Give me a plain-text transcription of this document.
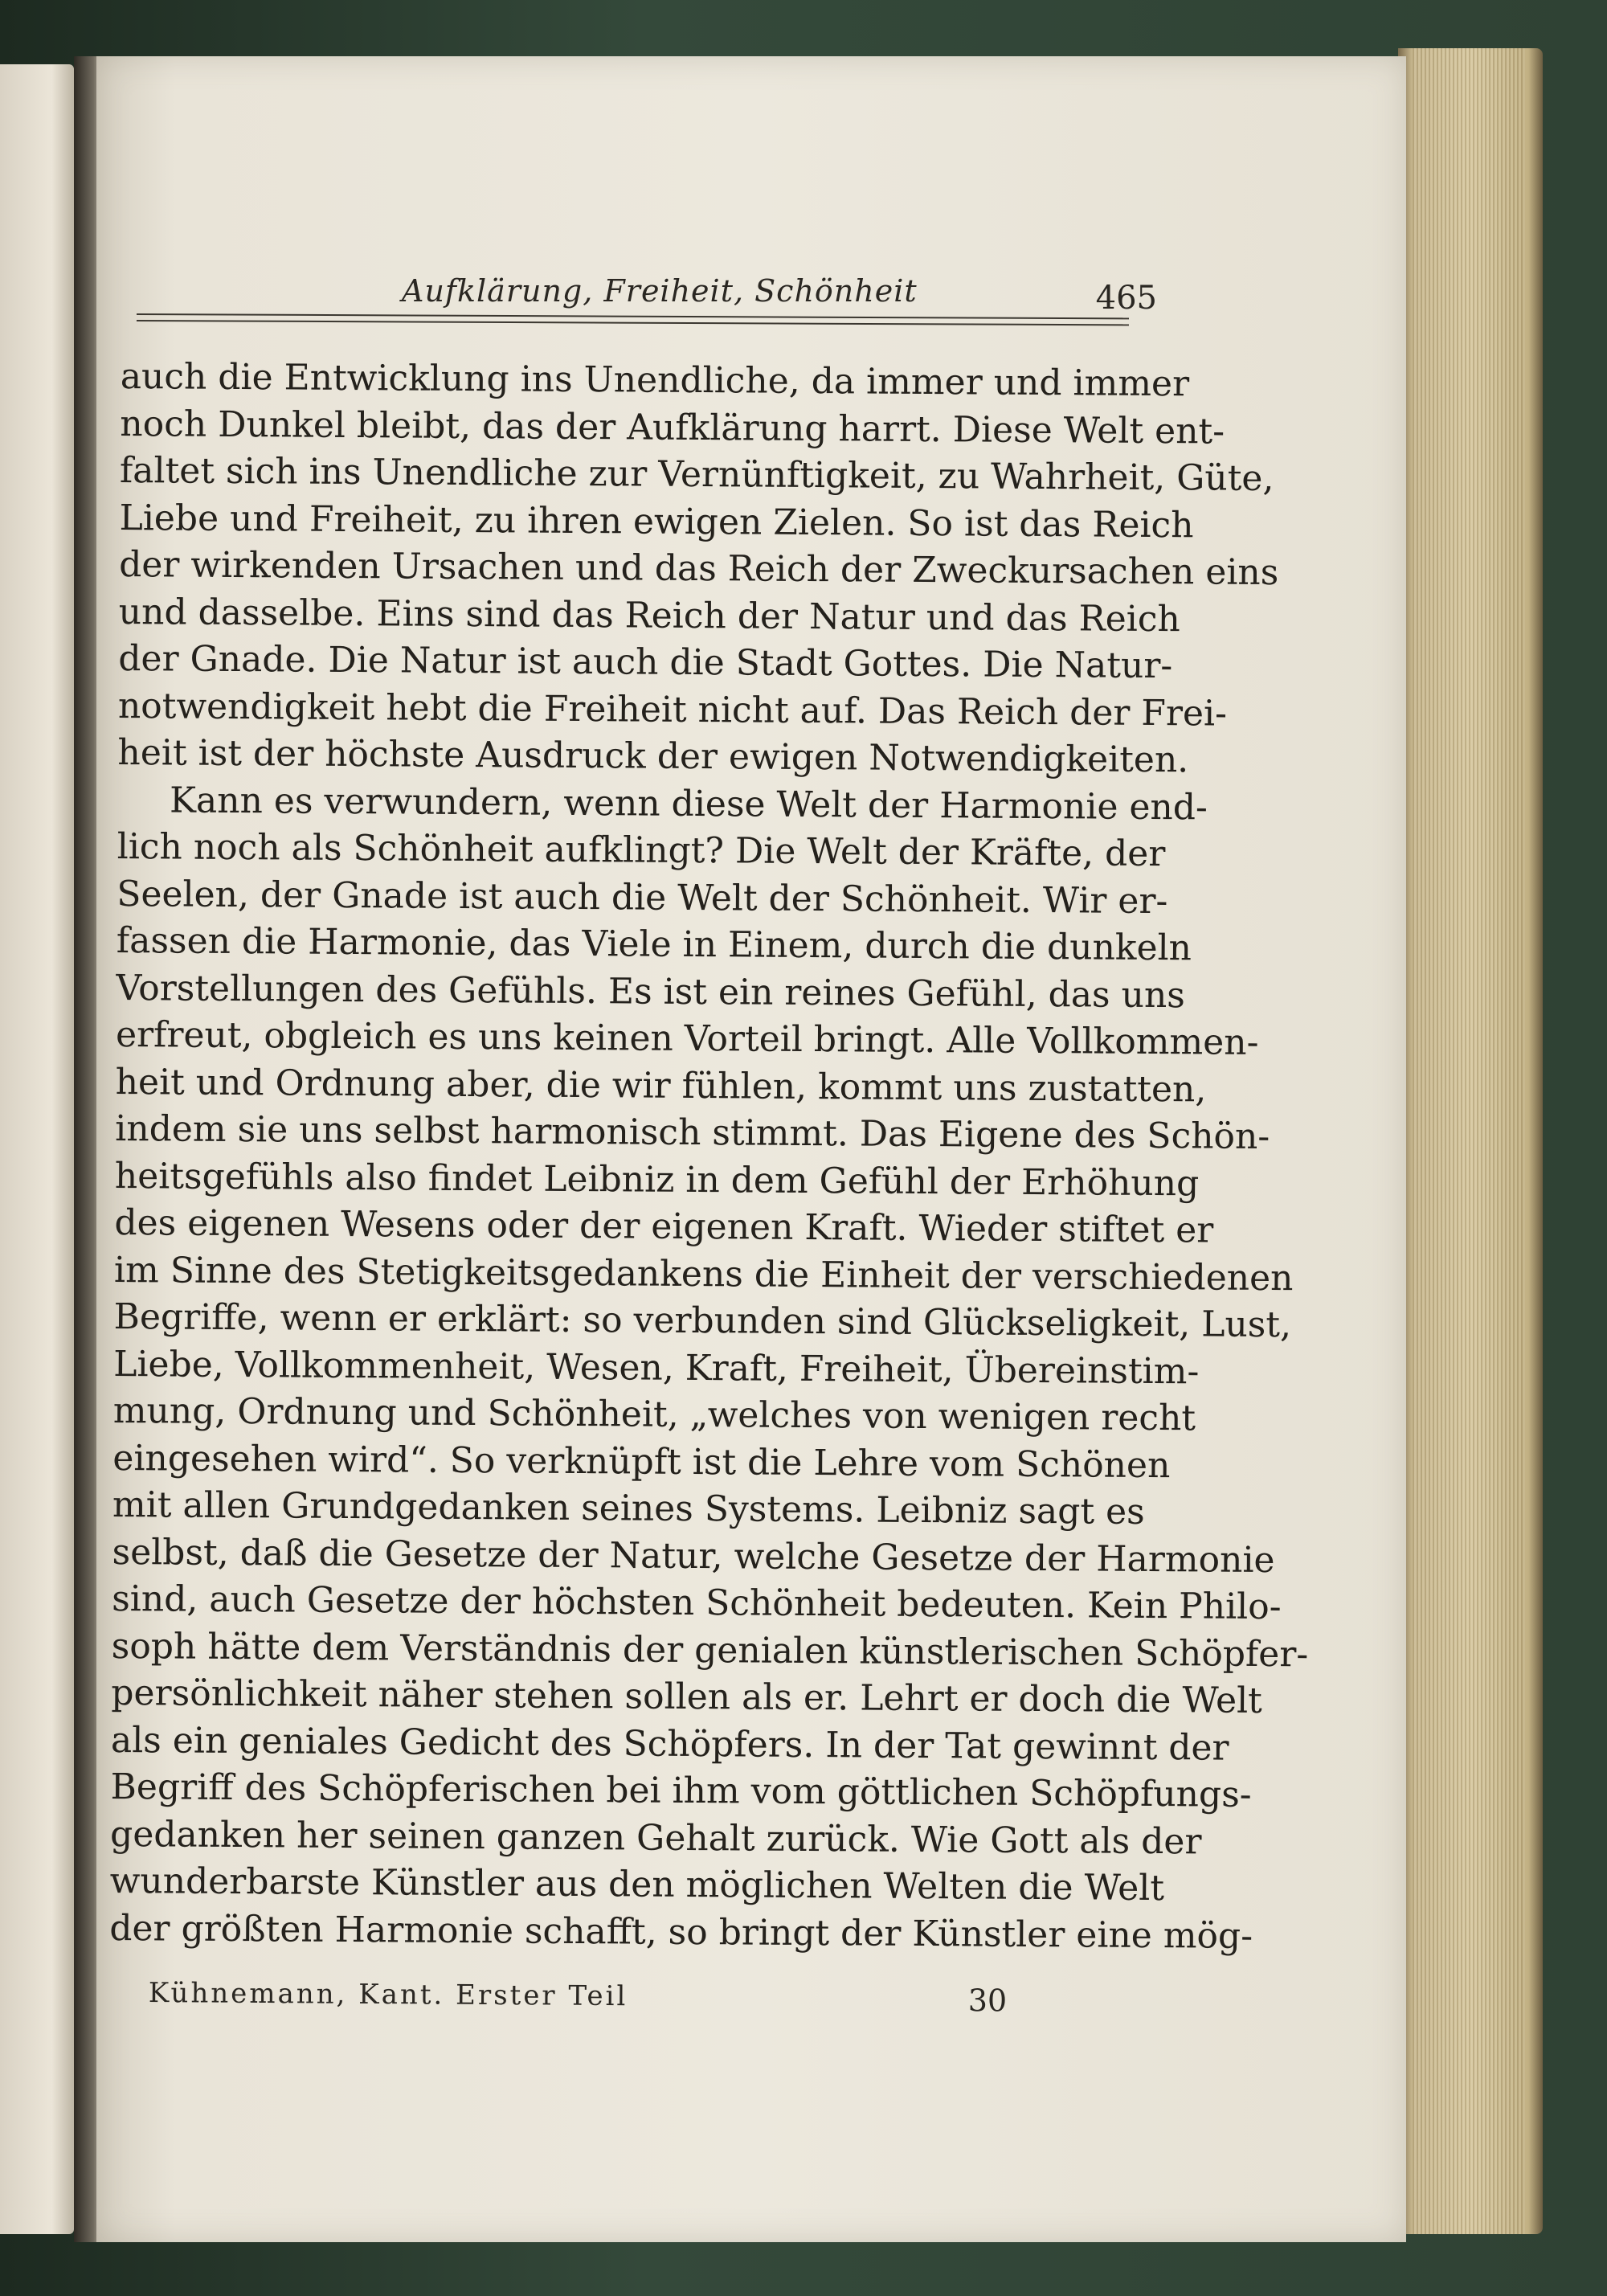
Aufklärung, Freiheit, Schönheit	465
auch die Entwicklung ins Unendliche, da immer und immer
noch Dunkel bleibt, das der Aufklärung harrt. Diese Welt ent-
faltet sich ins Unendliche zur Vernünftigkeit, zu Wahrheit, Güte,
Liebe und Freiheit, zu ihren ewigen Zielen. So ist das Reich
der wirkenden Ursachen und das Reich der Zweckursachen eins
und dasselbe. Eins sind das Reich der Natur und das Reich
der Gnade. Die Natur ist auch die Stadt Gottes. Die Natur-
notwendigkeit hebt die Freiheit nicht auf. Das Reich der Frei-
heit ist der höchste Ausdruck der ewigen Notwendigkeiten.
Kann es verwundern, wenn diese Welt der Harmonie end-
lich noch als Schönheit aufklingt? Die Welt der Kräfte, der
Seelen, der Gnade ist auch die Welt der Schönheit. Wir er-
fassen die Harmonie, das Viele in Einem, durch die dunkeln
Vorstellungen des Gefühls. Es ist ein reines Gefühl, das uns
erfreut, obgleich es uns keinen Vorteil bringt. Alle Vollkommen-
heit und Ordnung aber, die wir fühlen, kommt uns zustatten,
indem sie uns selbst harmonisch stimmt. Das Eigene des Schön-
heitsgefühls also findet Leibniz in dem Gefühl der Erhöhung
des eigenen Wesens oder der eigenen Kraft. Wieder stiftet er
im Sinne des Stetigkeitsgedankens die Einheit der verschiedenen
Begriffe, wenn er erklärt: so verbunden sind Glückseligkeit, Lust,
Liebe, Vollkommenheit, Wesen, Kraft, Freiheit, Übereinstim-
mung, Ordnung und Schönheit, „welches von wenigen recht
eingesehen wird“. So verknüpft ist die Lehre vom Schönen
mit allen Grundgedanken seines Systems. Leibniz sagt es
selbst, daß die Gesetze der Natur, welche Gesetze der Harmonie
sind, auch Gesetze der höchsten Schönheit bedeuten. Kein Philo-
soph hätte dem Verständnis der genialen künstlerischen Schöpfer-
persönlichkeit näher stehen sollen als er. Lehrt er doch die Welt
als ein geniales Gedicht des Schöpfers. In der Tat gewinnt der
Begriff des Schöpferischen bei ihm vom göttlichen Schöpfungs-
gedanken her seinen ganzen Gehalt zurück. Wie Gott als der
wunderbarste Künstler aus den möglichen Welten die Welt
der größten Harmonie schafft, so bringt der Künstler eine mög-
Kühnemann, Kant. Erster Teil	30
